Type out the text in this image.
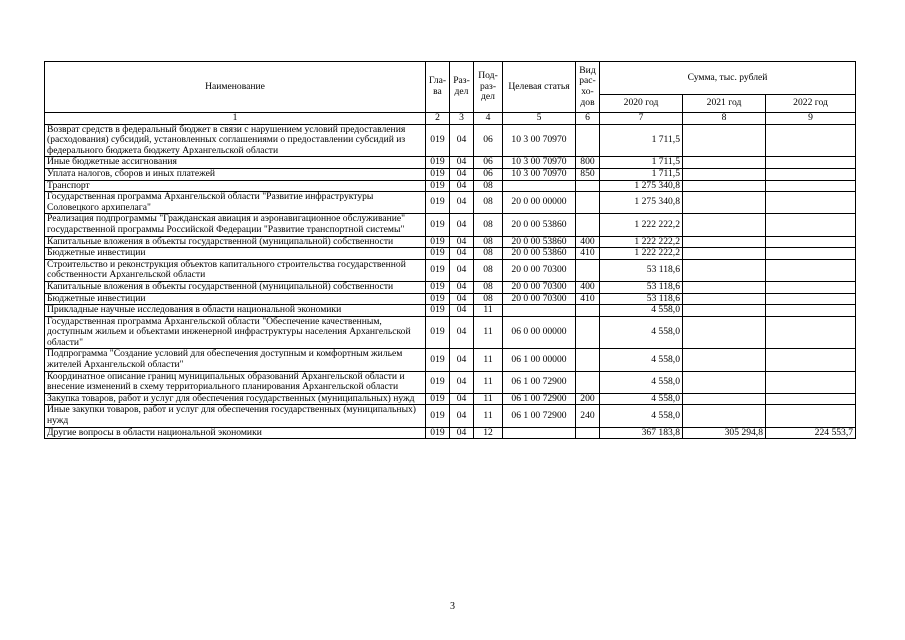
Наименование	Гла-ва	Раз-дел	Под-раз-дел	Целевая статья	Вид рас-хо-дов	Сумма, тыс. рублей		
						2020 год	2021 год	2022 год
1	2	3	4	5	6	7	8	9
Возврат средств в федеральный бюджет в связи с нарушением условий предоставления (расходования) субсидий, установленных соглашениями о предоставлении субсидий из федерального бюджета бюджету Архангельской области	019	04	06	10 3 00 70970		1 711,5		
Иные бюджетные ассигнования	019	04	06	10 3 00 70970	800	1 711,5		
Уплата налогов, сборов и иных платежей	019	04	06	10 3 00 70970	850	1 711,5		
Транспорт	019	04	08			1 275 340,8		
Государственная программа Архангельской области "Развитие инфраструктуры Соловецкого архипелага"	019	04	08	20 0 00 00000		1 275 340,8		
Реализация подпрограммы "Гражданская авиация и аэронавигационное обслуживание" государственной программы Российской Федерации "Развитие транспортной системы"	019	04	08	20 0 00 53860		1 222 222,2		
Капитальные вложения в объекты государственной (муниципальной) собственности	019	04	08	20 0 00 53860	400	1 222 222,2		
Бюджетные инвестиции	019	04	08	20 0 00 53860	410	1 222 222,2		
Строительство и реконструкция объектов капитального строительства государственной собственности Архангельской области	019	04	08	20 0 00 70300		53 118,6		
Капитальные вложения в объекты государственной (муниципальной) собственности	019	04	08	20 0 00 70300	400	53 118,6		
Бюджетные инвестиции	019	04	08	20 0 00 70300	410	53 118,6		
Прикладные научные исследования в области национальной экономики	019	04	11			4 558,0		
Государственная программа Архангельской области "Обеспечение качественным, доступным жильем и объектами инженерной инфраструктуры населения Архангельской области"	019	04	11	06 0 00 00000		4 558,0		
Подпрограмма "Создание условий для обеспечения доступным и комфортным жильем жителей Архангельской области"	019	04	11	06 1 00 00000		4 558,0		
Координатное описание границ муниципальных образований Архангельской области и внесение изменений в схему территориального планирования Архангельской области	019	04	11	06 1 00 72900		4 558,0		
Закупка товаров, работ и услуг для обеспечения государственных (муниципальных) нужд	019	04	11	06 1 00 72900	200	4 558,0		
Иные закупки товаров, работ и услуг для обеспечения государственных (муниципальных) нужд	019	04	11	06 1 00 72900	240	4 558,0		
Другие вопросы в области национальной экономики	019	04	12			367 183,8	305 294,8	224 553,7
3
